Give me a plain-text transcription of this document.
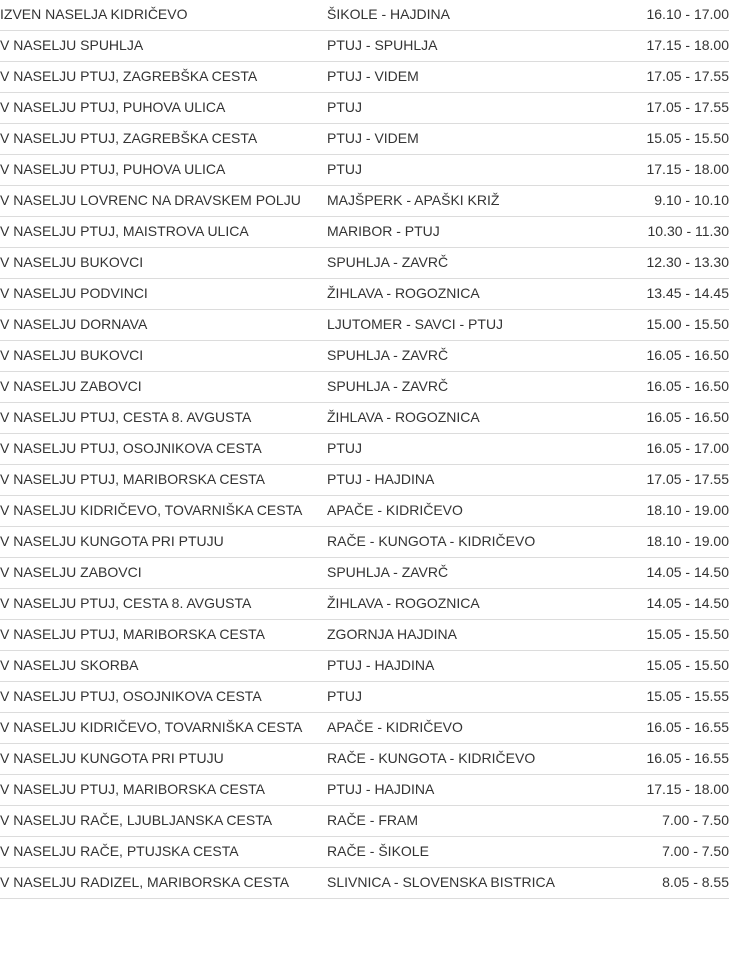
IZVEN NASELJA KIDRIČEVO	ŠIKOLE - HAJDINA	16.10 - 17.00
V NASELJU SPUHLJA	PTUJ - SPUHLJA	17.15 - 18.00
V NASELJU PTUJ, ZAGREBŠKA CESTA	PTUJ - VIDEM	17.05 - 17.55
V NASELJU PTUJ, PUHOVA ULICA	PTUJ	17.05 - 17.55
V NASELJU PTUJ, ZAGREBŠKA CESTA	PTUJ - VIDEM	15.05 - 15.50
V NASELJU PTUJ, PUHOVA ULICA	PTUJ	17.15 - 18.00
V NASELJU LOVRENC NA DRAVSKEM POLJU	MAJŠPERK - APAŠKI KRIŽ	9.10 - 10.10
V NASELJU PTUJ, MAISTROVA ULICA	MARIBOR - PTUJ	10.30 - 11.30
V NASELJU BUKOVCI	SPUHLJA - ZAVRČ	12.30 - 13.30
V NASELJU PODVINCI	ŽIHLAVA - ROGOZNICA	13.45 - 14.45
V NASELJU DORNAVA	LJUTOMER - SAVCI - PTUJ	15.00 - 15.50
V NASELJU BUKOVCI	SPUHLJA - ZAVRČ	16.05 - 16.50
V NASELJU ZABOVCI	SPUHLJA - ZAVRČ	16.05 - 16.50
V NASELJU PTUJ, CESTA 8. AVGUSTA	ŽIHLAVA - ROGOZNICA	16.05 - 16.50
V NASELJU PTUJ, OSOJNIKOVA CESTA	PTUJ	16.05 - 17.00
V NASELJU PTUJ, MARIBORSKA CESTA	PTUJ - HAJDINA	17.05 - 17.55
V NASELJU KIDRIČEVO, TOVARNIŠKA CESTA	APAČE - KIDRIČEVO	18.10 - 19.00
V NASELJU KUNGOTA PRI PTUJU	RAČE - KUNGOTA - KIDRIČEVO	18.10 - 19.00
V NASELJU ZABOVCI	SPUHLJA - ZAVRČ	14.05 - 14.50
V NASELJU PTUJ, CESTA 8. AVGUSTA	ŽIHLAVA - ROGOZNICA	14.05 - 14.50
V NASELJU PTUJ, MARIBORSKA CESTA	ZGORNJA HAJDINA	15.05 - 15.50
V NASELJU SKORBA	PTUJ - HAJDINA	15.05 - 15.50
V NASELJU PTUJ, OSOJNIKOVA CESTA	PTUJ	15.05 - 15.55
V NASELJU KIDRIČEVO, TOVARNIŠKA CESTA	APAČE - KIDRIČEVO	16.05 - 16.55
V NASELJU KUNGOTA PRI PTUJU	RAČE - KUNGOTA - KIDRIČEVO	16.05 - 16.55
V NASELJU PTUJ, MARIBORSKA CESTA	PTUJ - HAJDINA	17.15 - 18.00
V NASELJU RAČE, LJUBLJANSKA CESTA	RAČE - FRAM	7.00 - 7.50
V NASELJU RAČE, PTUJSKA CESTA	RAČE - ŠIKOLE	7.00 - 7.50
V NASELJU RADIZEL, MARIBORSKA CESTA	SLIVNICA - SLOVENSKA BISTRICA	8.05 - 8.55
